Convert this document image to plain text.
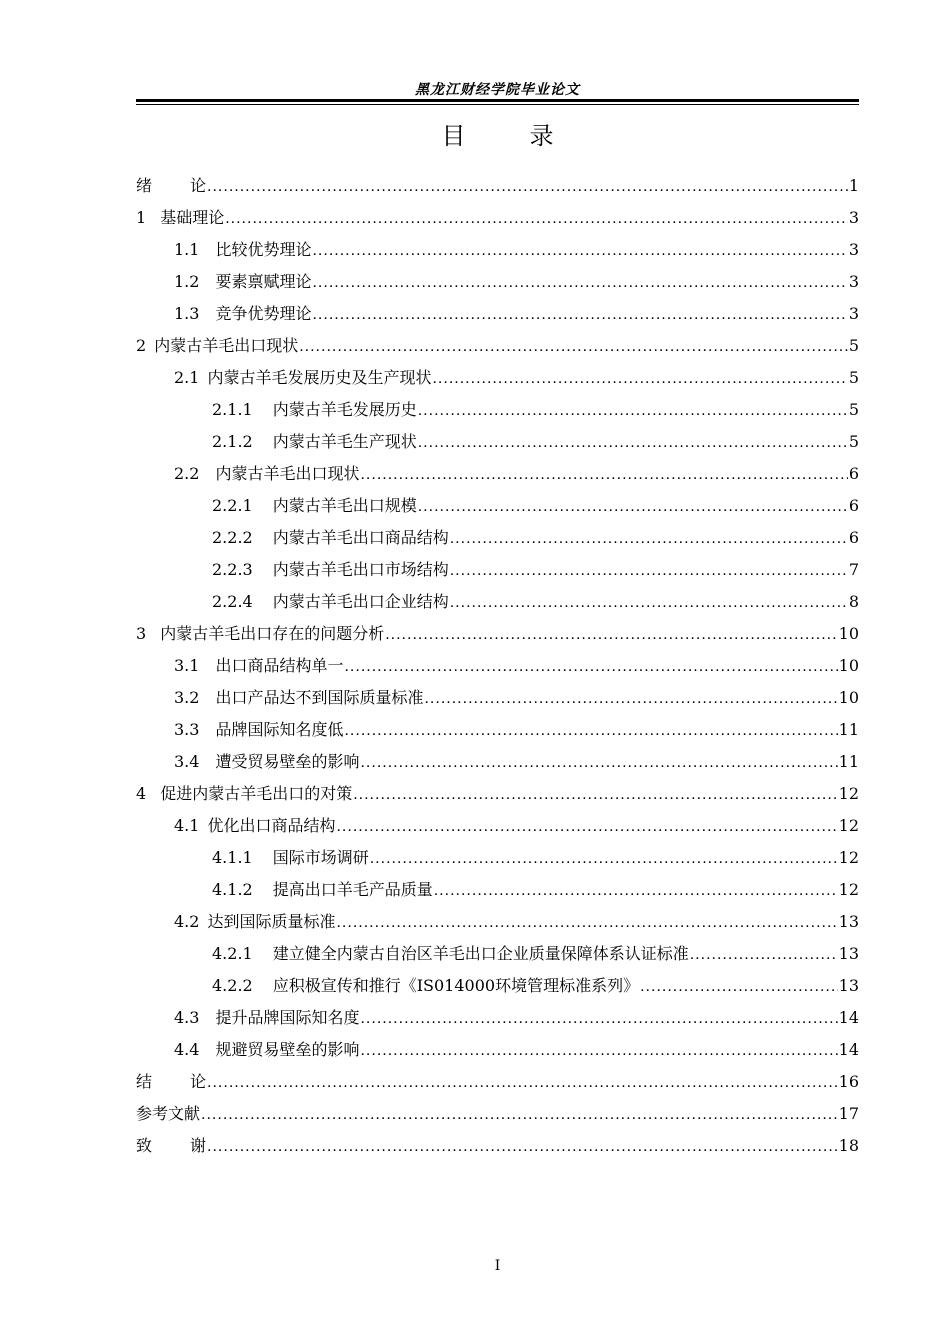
黑龙江财经学院毕业论文
目	录
绪论 .....	1
1 基础理论 .....	3
1.1 比较优势理论 .....	3
1.2 要素禀赋理论 .....	3
1.3 竞争优势理论 .....	3
2 内蒙古羊毛出口现状 .....	5
2.1 内蒙古羊毛发展历史及生产现状 .....	5
2.1.1 内蒙古羊毛发展历史 .....	5
2.1.2 内蒙古羊毛生产现状 .....	5
2.2 内蒙古羊毛出口现状 .....	6
2.2.1 内蒙古羊毛出口规模 .....	6
2.2.2 内蒙古羊毛出口商品结构 .....	6
2.2.3 内蒙古羊毛出口市场结构 .....	7
2.2.4 内蒙古羊毛出口企业结构 .....	8
3 内蒙古羊毛出口存在的问题分析 .....	10
3.1 出口商品结构单一 .....	10
3.2 出口产品达不到国际质量标准 .....	10
3.3 品牌国际知名度低 .....	11
3.4 遭受贸易壁垒的影响 .....	11
4 促进内蒙古羊毛出口的对策 .....	12
4.1 优化出口商品结构 .....	12
4.1.1 国际市场调研 .....	12
4.1.2 提高出口羊毛产品质量 .....	12
4.2 达到国际质量标准 .....	13
4.2.1 建立健全内蒙古自治区羊毛出口企业质量保障体系认证标准 .....	13
4.2.2 应积极宣传和推行《IS014000环境管理标准系列》 .....	13
4.3 提升品牌国际知名度 .....	14
4.4 规避贸易壁垒的影响 .....	14
结论 .....	16
参考文献 .....	17
致谢 .....	18
I
